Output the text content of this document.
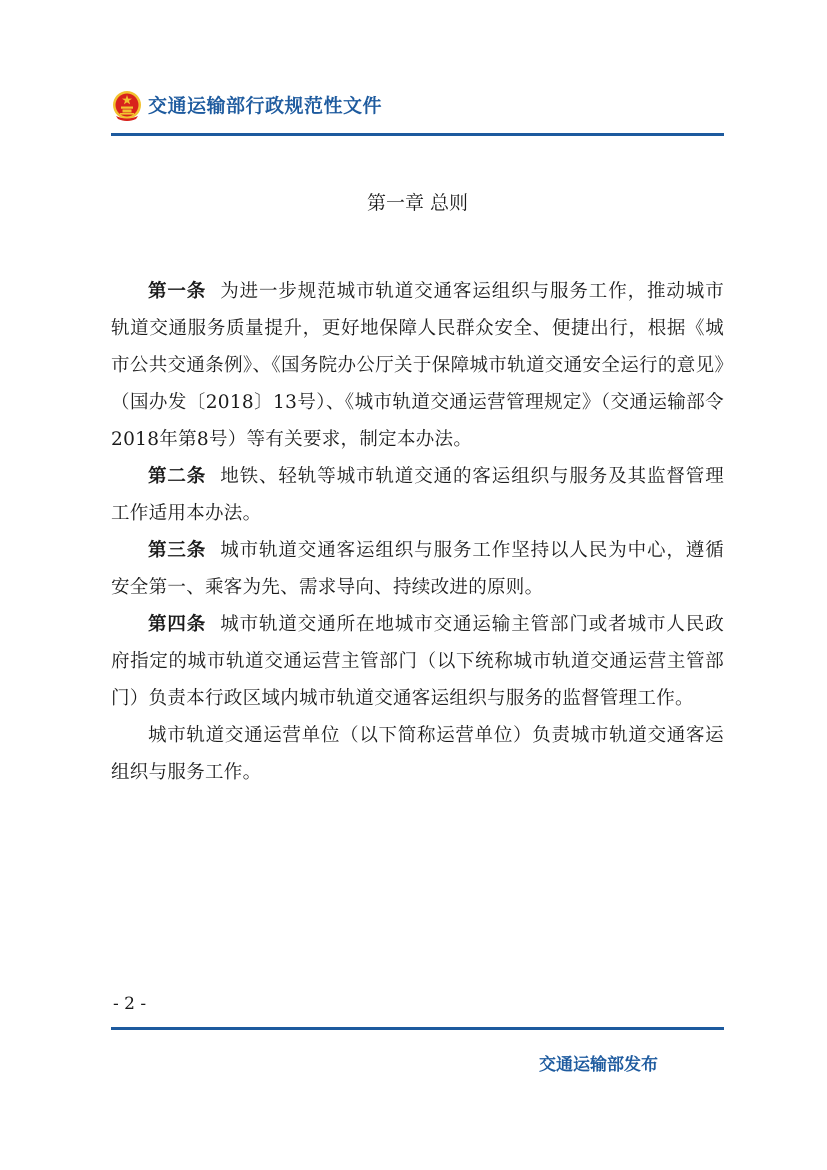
交通运输部行政规范性文件
第一章 总则

第一条 为进一步规范城市轨道交通客运组织与服务工作，推动城市轨道交通服务质量提升，更好地保障人民群众安全、便捷出行，根据《城市公共交通条例》、《国务院办公厅关于保障城市轨道交通安全运行的意见》（国办发〔2018〕13号）、《城市轨道交通运营管理规定》（交通运输部令2018年第8号）等有关要求，制定本办法。

第二条 地铁、轻轨等城市轨道交通的客运组织与服务及其监督管理工作适用本办法。

第三条 城市轨道交通客运组织与服务工作坚持以人民为中心，遵循安全第一、乘客为先、需求导向、持续改进的原则。

第四条 城市轨道交通所在地城市交通运输主管部门或者城市人民政府指定的城市轨道交通运营主管部门（以下统称城市轨道交通运营主管部门）负责本行政区域内城市轨道交通客运组织与服务的监督管理工作。

城市轨道交通运营单位（以下简称运营单位）负责城市轨道交通客运组织与服务工作。

- 2 -
交通运输部发布
